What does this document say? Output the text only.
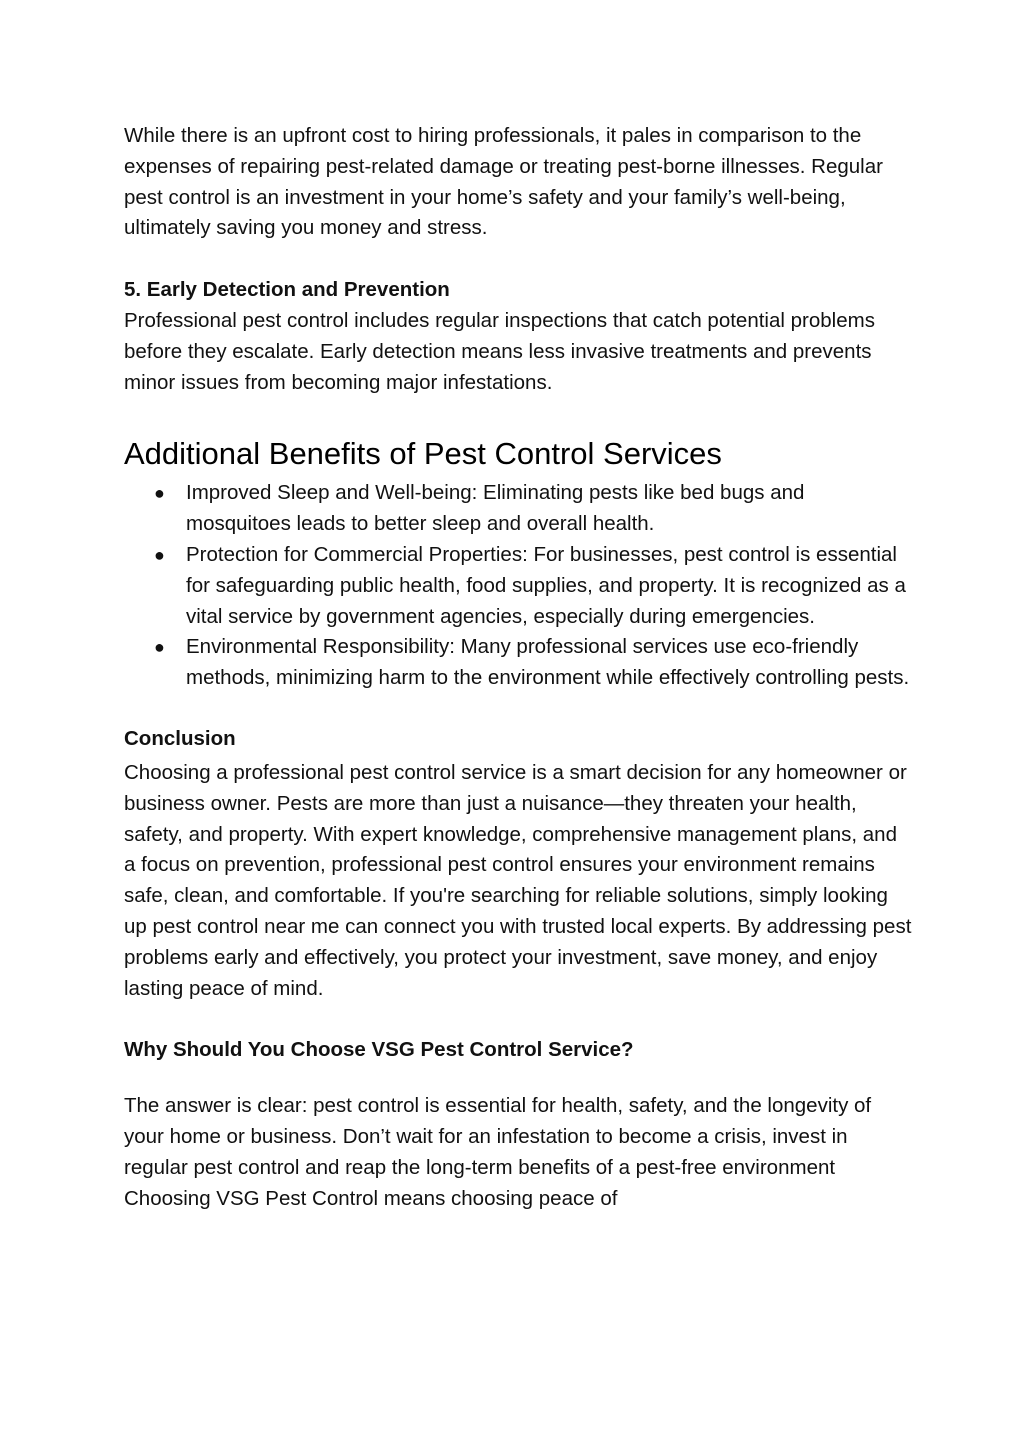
While there is an upfront cost to hiring professionals, it pales in comparison to the expenses of repairing pest-related damage or treating pest-borne illnesses. Regular pest control is an investment in your home’s safety and your family’s well-being, ultimately saving you money and stress.

5. Early Detection and Prevention

Professional pest control includes regular inspections that catch potential problems before they escalate. Early detection means less invasive treatments and prevents minor issues from becoming major infestations.

Additional Benefits of Pest Control Services
● Improved Sleep and Well-being: Eliminating pests like bed bugs and mosquitoes leads to better sleep and overall health.
● Protection for Commercial Properties: For businesses, pest control is essential for safeguarding public health, food supplies, and property. It is recognized as a vital service by government agencies, especially during emergencies.
● Environmental Responsibility: Many professional services use eco-friendly methods, minimizing harm to the environment while effectively controlling pests.

Conclusion

Choosing a professional pest control service is a smart decision for any homeowner or business owner. Pests are more than just a nuisance—they threaten your health, safety, and property. With expert knowledge, comprehensive management plans, and a focus on prevention, professional pest control ensures your environment remains safe, clean, and comfortable. If you're searching for reliable solutions, simply looking up pest control near me can connect you with trusted local experts. By addressing pest problems early and effectively, you protect your investment, save money, and enjoy lasting peace of mind.

Why Should You Choose VSG Pest Control Service?

The answer is clear: pest control is essential for health, safety, and the longevity of your home or business. Don’t wait for an infestation to become a crisis, invest in regular pest control and reap the long-term benefits of a pest-free environment Choosing VSG Pest Control means choosing peace of
